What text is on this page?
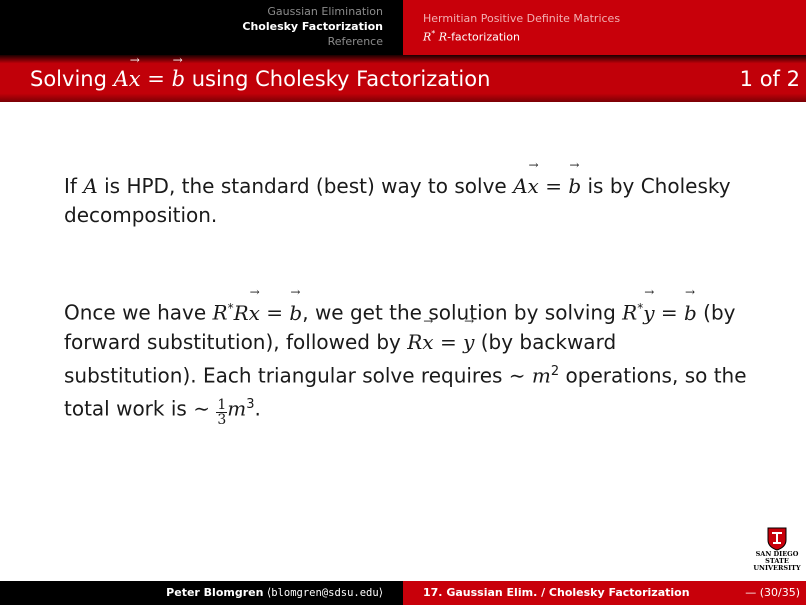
Gaussian Elimination
Cholesky Factorization
Reference
Hermitian Positive Definite Matrices
R* R-factorization
Solving A→ x = → b using Cholesky Factorization	1 of 2

If A is HPD, the standard (best) way to solve A→ x = → b is by Cholesky decomposition.

Once we have R*R→ x = → b, we get the solution by solving R*→ y = → b (by forward substitution), followed by R→ x = → y (by backward substitution). Each triangular solve requires ∼ $m^2$ operations, so the total work is ∼ $\frac{1}{3} m^3$.

SAN DIEGO STATE
UNIVERSITY
Peter Blomgren ⟨blomgren@sdsu.edu⟩	17. Gaussian Elim. / Cholesky Factorization	— (30/35)
